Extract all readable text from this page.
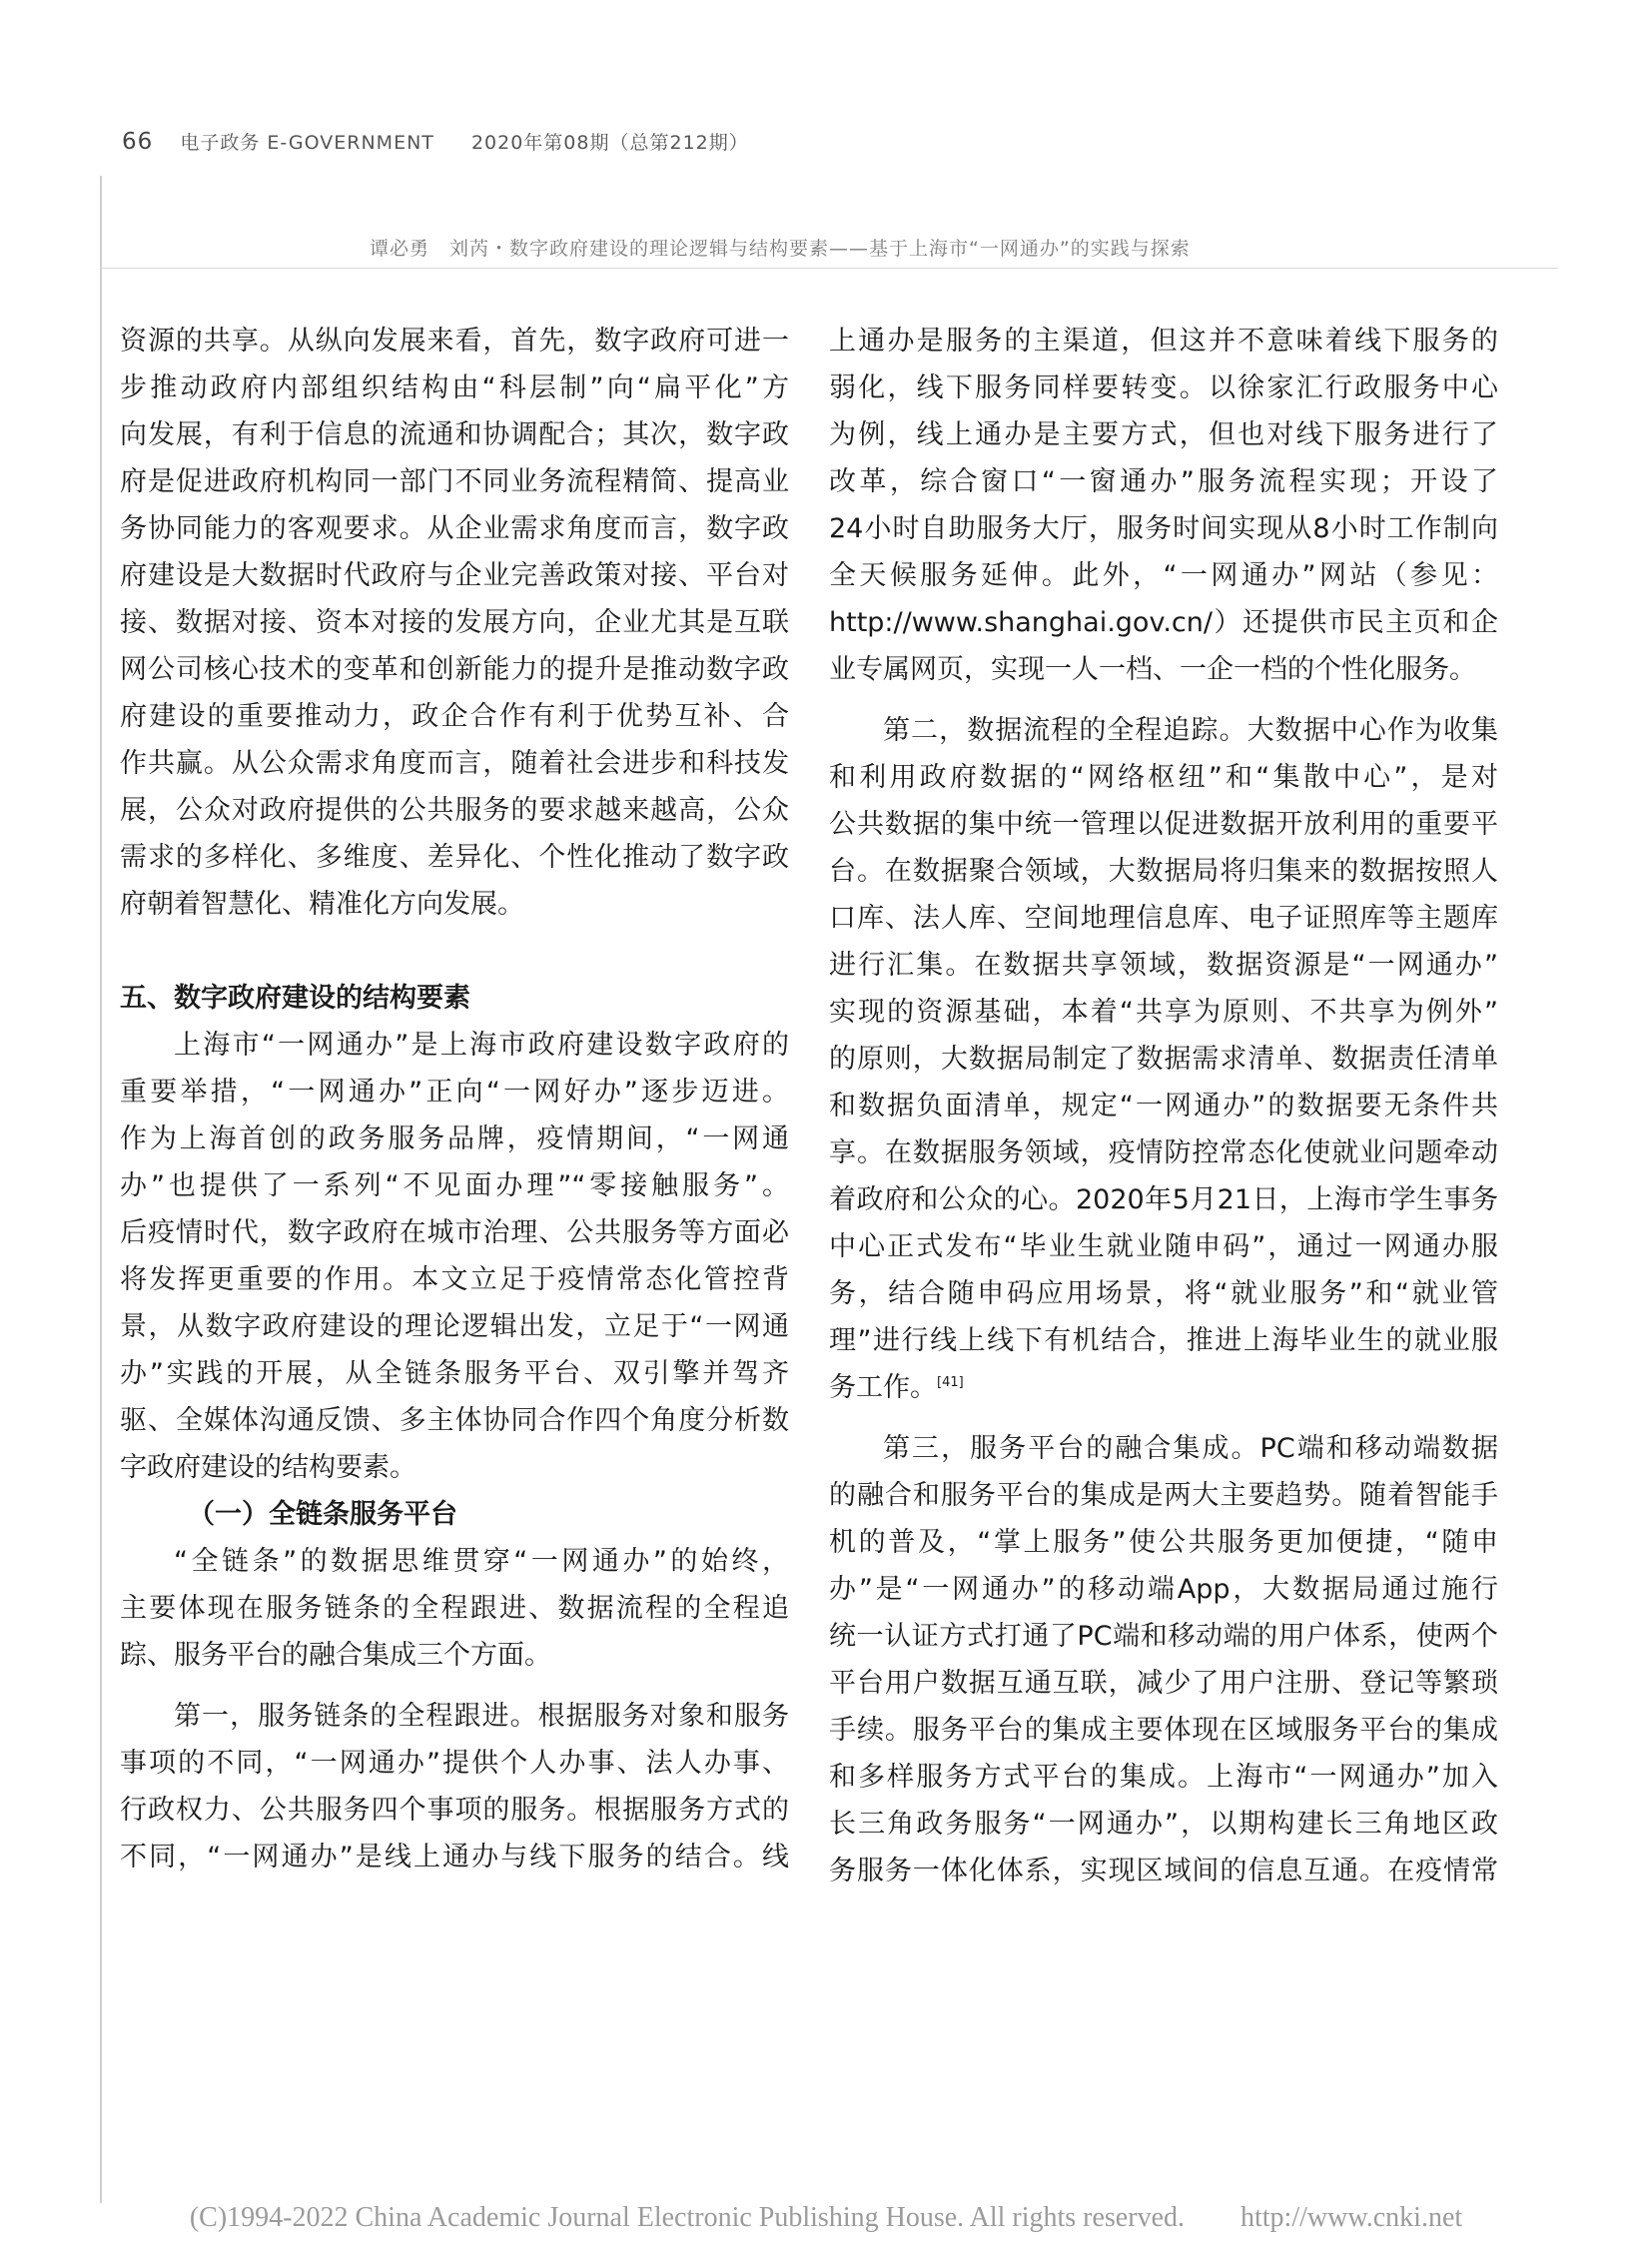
66 电子政务 E-GOVERNMENT 2020年第08期（总第212期）
谭必勇　刘芮・数字政府建设的理论逻辑与结构要素——基于上海市“一网通办”的实践与探索
资源的共享。从纵向发展来看，首先，数字政府可进一
步推动政府内部组织结构由“科层制”向“扁平化”方
向发展，有利于信息的流通和协调配合；其次，数字政
府是促进政府机构同一部门不同业务流程精简、提高业
务协同能力的客观要求。从企业需求角度而言，数字政
府建设是大数据时代政府与企业完善政策对接、平台对
接、数据对接、资本对接的发展方向，企业尤其是互联
网公司核心技术的变革和创新能力的提升是推动数字政
府建设的重要推动力，政企合作有利于优势互补、合
作共赢。从公众需求角度而言，随着社会进步和科技发
展，公众对政府提供的公共服务的要求越来越高，公众
需求的多样化、多维度、差异化、个性化推动了数字政
府朝着智慧化、精准化方向发展。
五、数字政府建设的结构要素
上海市“一网通办”是上海市政府建设数字政府的
重要举措，“一网通办”正向“一网好办”逐步迈进。
作为上海首创的政务服务品牌，疫情期间，“一网通
办”也提供了一系列“不见面办理”“零接触服务”。
后疫情时代，数字政府在城市治理、公共服务等方面必
将发挥更重要的作用。本文立足于疫情常态化管控背
景，从数字政府建设的理论逻辑出发，立足于“一网通
办”实践的开展，从全链条服务平台、双引擎并驾齐
驱、全媒体沟通反馈、多主体协同合作四个角度分析数
字政府建设的结构要素。
（一）全链条服务平台
“全链条”的数据思维贯穿“一网通办”的始终，
主要体现在服务链条的全程跟进、数据流程的全程追
踪、服务平台的融合集成三个方面。
第一，服务链条的全程跟进。根据服务对象和服务
事项的不同，“一网通办”提供个人办事、法人办事、
行政权力、公共服务四个事项的服务。根据服务方式的
不同，“一网通办”是线上通办与线下服务的结合。线
上通办是服务的主渠道，但这并不意味着线下服务的
弱化，线下服务同样要转变。以徐家汇行政服务中心
为例，线上通办是主要方式，但也对线下服务进行了
改革，综合窗口“一窗通办”服务流程实现；开设了
24小时自助服务大厅，服务时间实现从8小时工作制向
全天候服务延伸。此外，“一网通办”网站（参见：
http://www.shanghai.gov.cn/）还提供市民主页和企
业专属网页，实现一人一档、一企一档的个性化服务。
第二，数据流程的全程追踪。大数据中心作为收集
和利用政府数据的“网络枢纽”和“集散中心”，是对
公共数据的集中统一管理以促进数据开放利用的重要平
台。在数据聚合领域，大数据局将归集来的数据按照人
口库、法人库、空间地理信息库、电子证照库等主题库
进行汇集。在数据共享领域，数据资源是“一网通办”
实现的资源基础，本着“共享为原则、不共享为例外”
的原则，大数据局制定了数据需求清单、数据责任清单
和数据负面清单，规定“一网通办”的数据要无条件共
享。在数据服务领域，疫情防控常态化使就业问题牵动
着政府和公众的心。2020年5月21日，上海市学生事务
中心正式发布“毕业生就业随申码”，通过一网通办服
务，结合随申码应用场景，将“就业服务”和“就业管
理”进行线上线下有机结合，推进上海毕业生的就业服
务工作。[41]
第三，服务平台的融合集成。PC端和移动端数据
的融合和服务平台的集成是两大主要趋势。随着智能手
机的普及，“掌上服务”使公共服务更加便捷，“随申
办”是“一网通办”的移动端App，大数据局通过施行
统一认证方式打通了PC端和移动端的用户体系，使两个
平台用户数据互通互联，减少了用户注册、登记等繁琐
手续。服务平台的集成主要体现在区域服务平台的集成
和多样服务方式平台的集成。上海市“一网通办”加入
长三角政务服务“一网通办”，以期构建长三角地区政
务服务一体化体系，实现区域间的信息互通。在疫情常
(C)1994-2022 China Academic Journal Electronic Publishing House. All rights reserved.　　http://www.cnki.net
